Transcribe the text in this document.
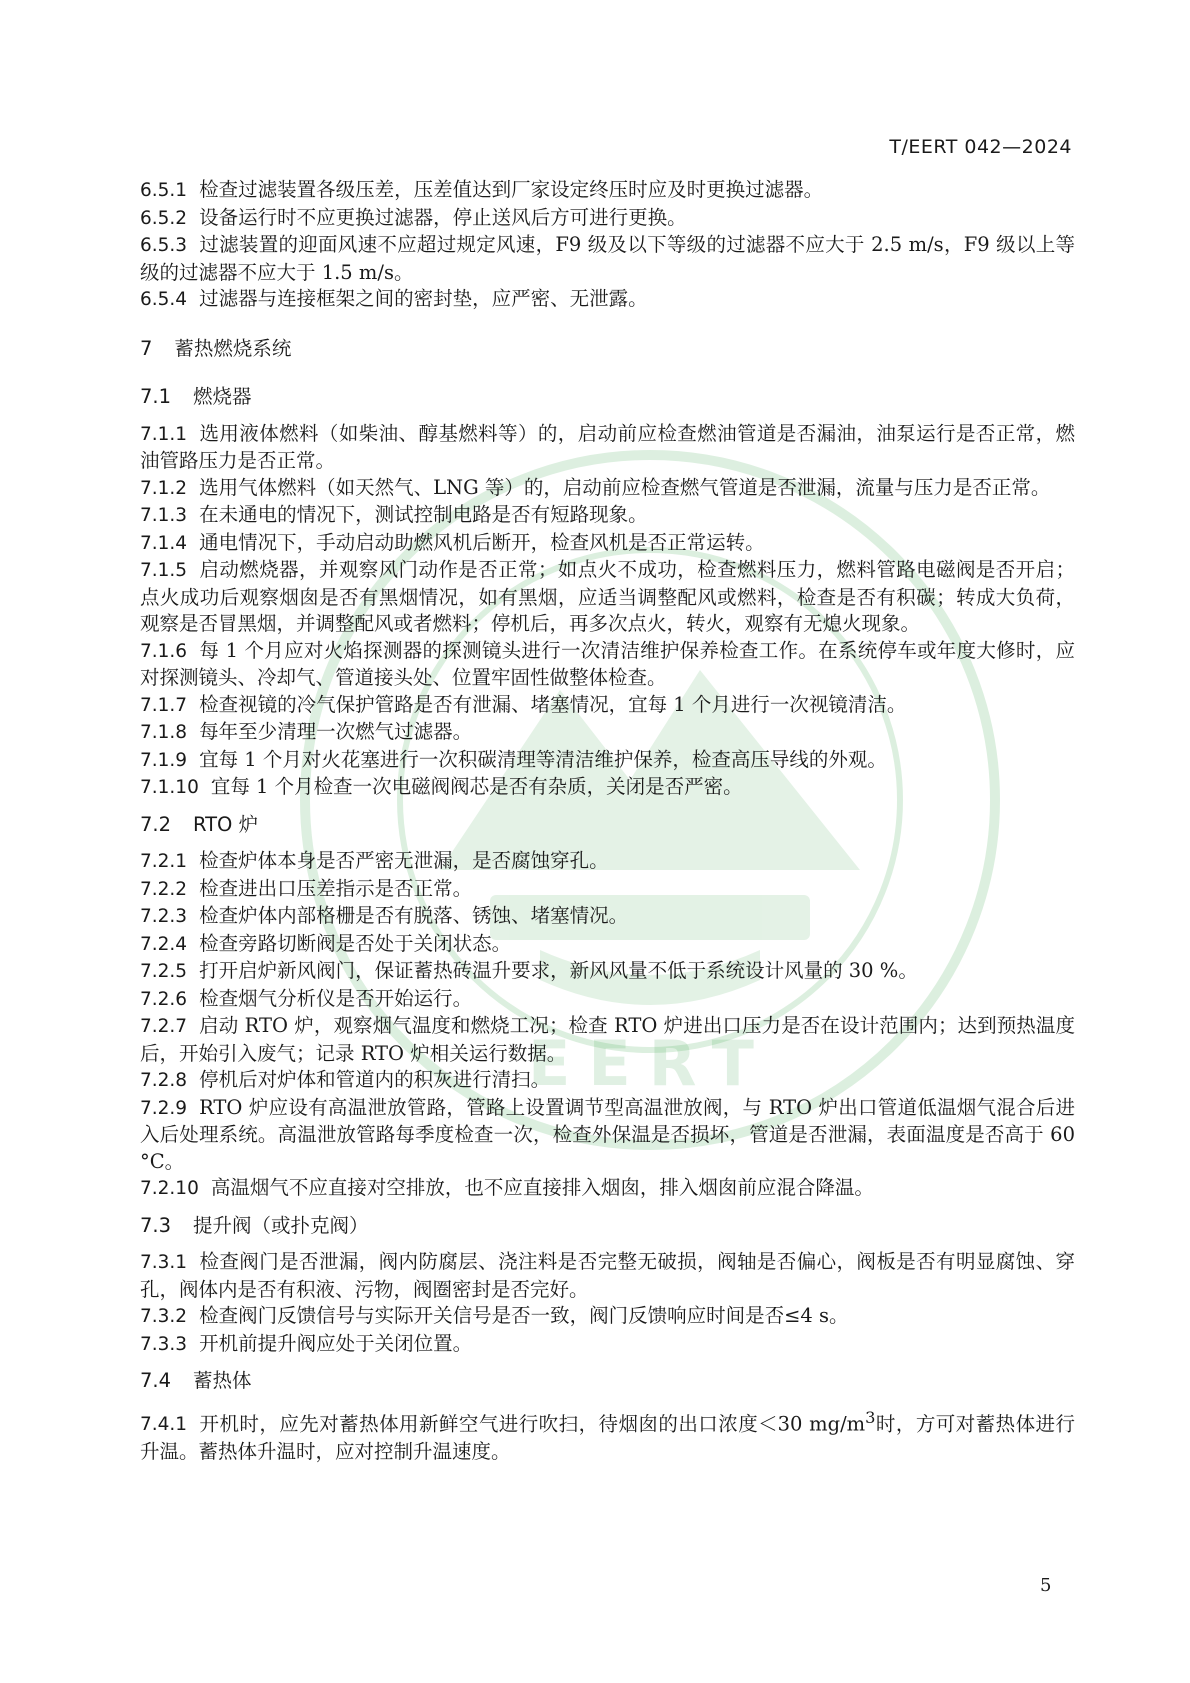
EERT
T/EERT 042—2024

6.5.1 检查过滤装置各级压差，压差值达到厂家设定终压时应及时更换过滤器。

6.5.2 设备运行时不应更换过滤器，停止送风后方可进行更换。

6.5.3 过滤装置的迎面风速不应超过规定风速，F9 级及以下等级的过滤器不应大于 2.5 m/s，F9 级以上等级的过滤器不应大于 1.5 m/s。

6.5.4 过滤器与连接框架之间的密封垫，应严密、无泄露。

7 蓄热燃烧系统

7.1 燃烧器

7.1.1 选用液体燃料（如柴油、醇基燃料等）的，启动前应检查燃油管道是否漏油，油泵运行是否正常，燃油管路压力是否正常。

7.1.2 选用气体燃料（如天然气、LNG 等）的，启动前应检查燃气管道是否泄漏，流量与压力是否正常。

7.1.3 在未通电的情况下，测试控制电路是否有短路现象。

7.1.4 通电情况下，手动启动助燃风机后断开，检查风机是否正常运转。

7.1.5 启动燃烧器，并观察风门动作是否正常；如点火不成功，检查燃料压力，燃料管路电磁阀是否开启；点火成功后观察烟囱是否有黑烟情况，如有黑烟，应适当调整配风或燃料，检查是否有积碳；转成大负荷，观察是否冒黑烟，并调整配风或者燃料；停机后，再多次点火，转火，观察有无熄火现象。

7.1.6 每 1 个月应对火焰探测器的探测镜头进行一次清洁维护保养检查工作。在系统停车或年度大修时，应对探测镜头、冷却气、管道接头处、位置牢固性做整体检查。

7.1.7 检查视镜的冷气保护管路是否有泄漏、堵塞情况，宜每 1 个月进行一次视镜清洁。

7.1.8 每年至少清理一次燃气过滤器。

7.1.9 宜每 1 个月对火花塞进行一次积碳清理等清洁维护保养，检查高压导线的外观。

7.1.10 宜每 1 个月检查一次电磁阀阀芯是否有杂质，关闭是否严密。

7.2 RTO 炉

7.2.1 检查炉体本身是否严密无泄漏，是否腐蚀穿孔。

7.2.2 检查进出口压差指示是否正常。

7.2.3 检查炉体内部格栅是否有脱落、锈蚀、堵塞情况。

7.2.4 检查旁路切断阀是否处于关闭状态。

7.2.5 打开启炉新风阀门，保证蓄热砖温升要求，新风风量不低于系统设计风量的 30 %。

7.2.6 检查烟气分析仪是否开始运行。

7.2.7 启动 RTO 炉，观察烟气温度和燃烧工况；检查 RTO 炉进出口压力是否在设计范围内；达到预热温度后，开始引入废气；记录 RTO 炉相关运行数据。

7.2.8 停机后对炉体和管道内的积灰进行清扫。

7.2.9 RTO 炉应设有高温泄放管路，管路上设置调节型高温泄放阀，与 RTO 炉出口管道低温烟气混合后进入后处理系统。高温泄放管路每季度检查一次，检查外保温是否损坏，管道是否泄漏，表面温度是否高于 60 °C。

7.2.10 高温烟气不应直接对空排放，也不应直接排入烟囱，排入烟囱前应混合降温。

7.3 提升阀（或扑克阀）

7.3.1 检查阀门是否泄漏，阀内防腐层、浇注料是否完整无破损，阀轴是否偏心，阀板是否有明显腐蚀、穿孔，阀体内是否有积液、污物，阀圈密封是否完好。

7.3.2 检查阀门反馈信号与实际开关信号是否一致，阀门反馈响应时间是否≤4 s。

7.3.3 开机前提升阀应处于关闭位置。

7.4 蓄热体

7.4.1 开机时，应先对蓄热体用新鲜空气进行吹扫，待烟囱的出口浓度＜30 $mg/m^3$时，方可对蓄热体进行升温。蓄热体升温时，应对控制升温速度。

5
